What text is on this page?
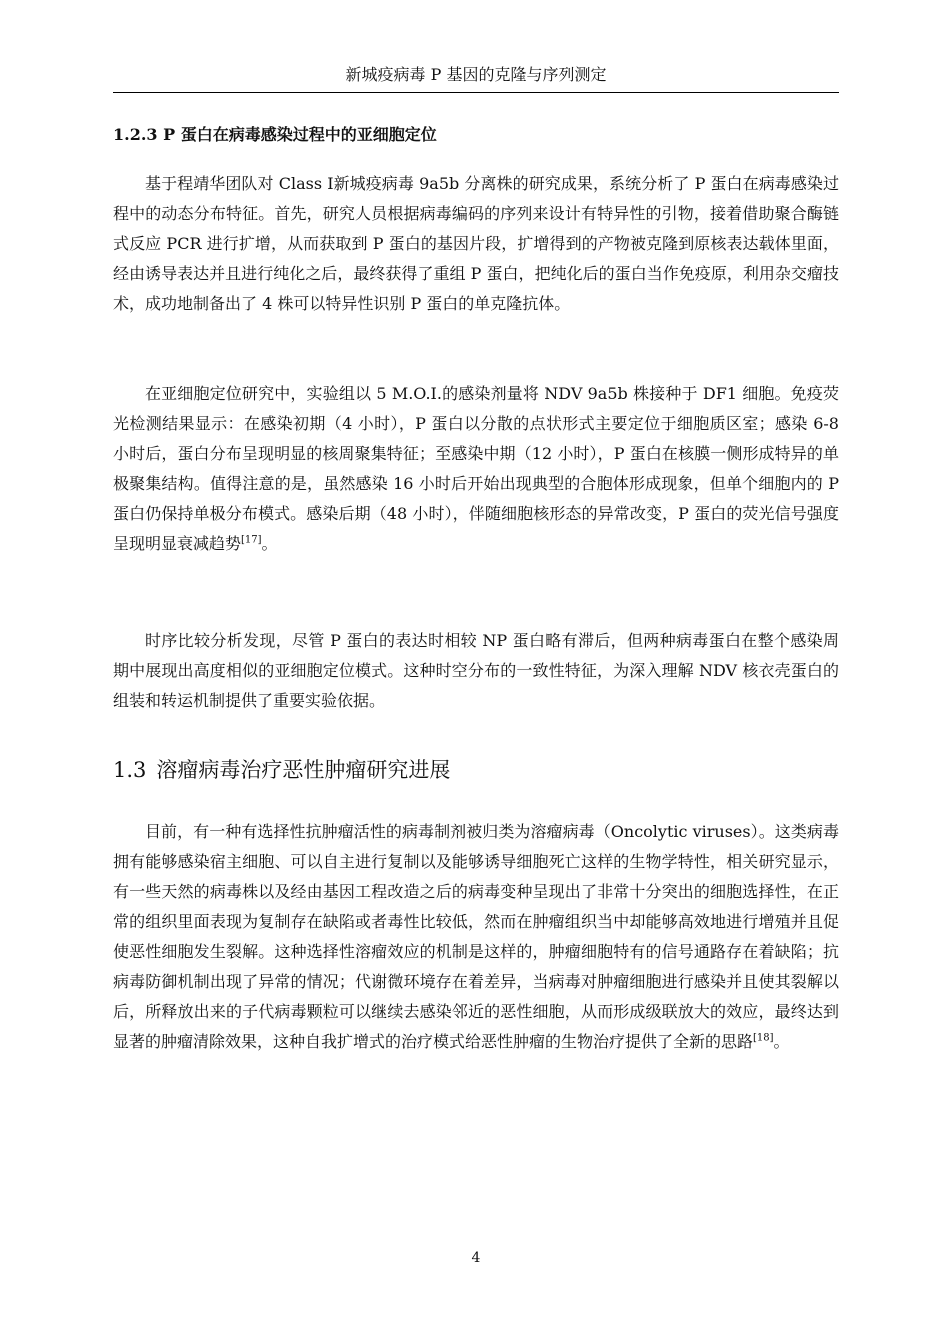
新城疫病毒 P 基因的克隆与序列测定
1.2.3 P 蛋白在病毒感染过程中的亚细胞定位

基于程靖华团队对 Class I新城疫病毒 9a5b 分离株的研究成果，系统分析了 P 蛋白在病毒感染过程中的动态分布特征。首先，研究人员根据病毒编码的序列来设计有特异性的引物，接着借助聚合酶链式反应 PCR 进行扩增，从而获取到 P 蛋白的基因片段，扩增得到的产物被克隆到原核表达载体里面，经由诱导表达并且进行纯化之后，最终获得了重组 P 蛋白，把纯化后的蛋白当作免疫原，利用杂交瘤技术，成功地制备出了 4 株可以特异性识别 P 蛋白的单克隆抗体。

在亚细胞定位研究中，实验组以 5 M.O.I.的感染剂量将 NDV 9a5b 株接种于 DF1 细胞。免疫荧光检测结果显示：在感染初期（4 小时），P 蛋白以分散的点状形式主要定位于细胞质区室；感染 6-8 小时后，蛋白分布呈现明显的核周聚集特征；至感染中期（12 小时），P 蛋白在核膜一侧形成特异的单极聚集结构。值得注意的是，虽然感染 16 小时后开始出现典型的合胞体形成现象，但单个细胞内的 P 蛋白仍保持单极分布模式。感染后期（48 小时），伴随细胞核形态的异常改变，P 蛋白的荧光信号强度呈现明显衰减趋势[17]。

时序比较分析发现，尽管 P 蛋白的表达时相较 NP 蛋白略有滞后，但两种病毒蛋白在整个感染周期中展现出高度相似的亚细胞定位模式。这种时空分布的一致性特征，为深入理解 NDV 核衣壳蛋白的组装和转运机制提供了重要实验依据。

1.3 溶瘤病毒治疗恶性肿瘤研究进展

目前，有一种有选择性抗肿瘤活性的病毒制剂被归类为溶瘤病毒（Oncolytic viruses）。这类病毒拥有能够感染宿主细胞、可以自主进行复制以及能够诱导细胞死亡这样的生物学特性，相关研究显示，有一些天然的病毒株以及经由基因工程改造之后的病毒变种呈现出了非常十分突出的细胞选择性，在正常的组织里面表现为复制存在缺陷或者毒性比较低，然而在肿瘤组织当中却能够高效地进行增殖并且促使恶性细胞发生裂解。这种选择性溶瘤效应的机制是这样的，肿瘤细胞特有的信号通路存在着缺陷；抗病毒防御机制出现了异常的情况；代谢微环境存在着差异，当病毒对肿瘤细胞进行感染并且使其裂解以后，所释放出来的子代病毒颗粒可以继续去感染邻近的恶性细胞，从而形成级联放大的效应，最终达到显著的肿瘤清除效果，这种自我扩增式的治疗模式给恶性肿瘤的生物治疗提供了全新的思路[18]。

4
